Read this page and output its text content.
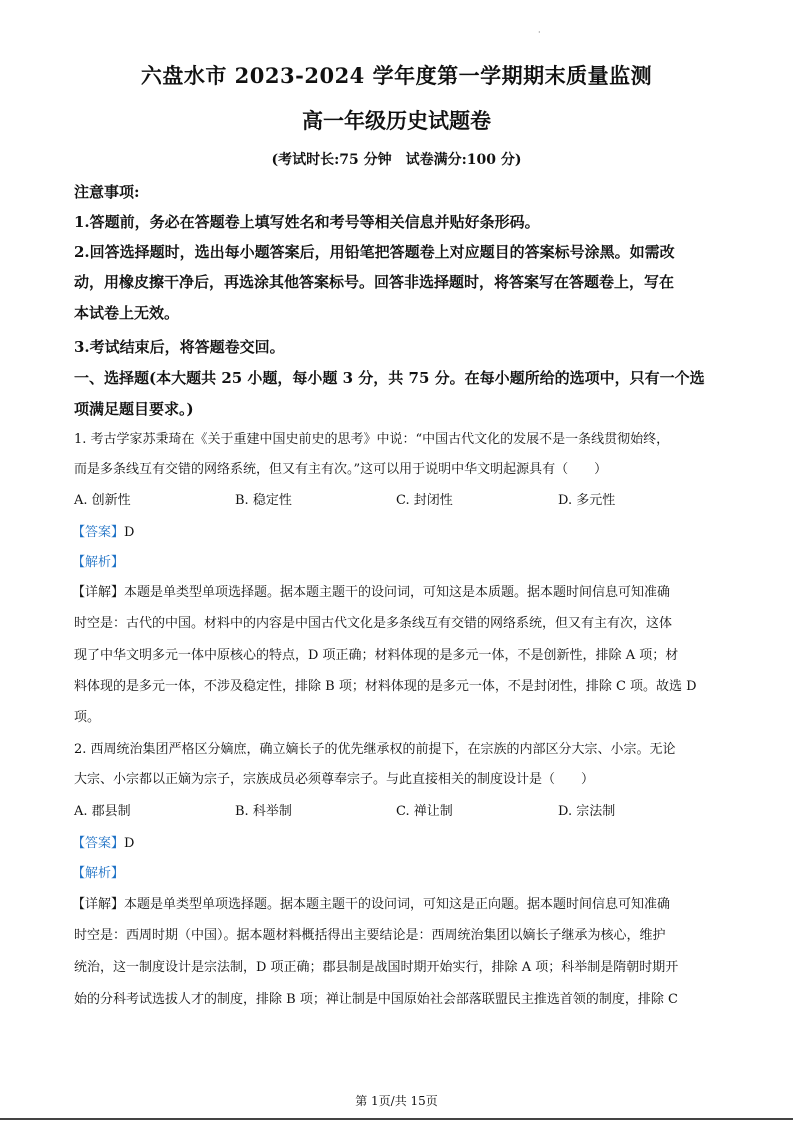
·
六盘水市 2023-2024 学年度第一学期期末质量监测
高一年级历史试题卷
(考试时长:75 分钟　试卷满分:100 分)
注意事项:
1.答题前，务必在答题卷上填写姓名和考号等相关信息并贴好条形码。
2.回答选择题时，选出每小题答案后，用铅笔把答题卷上对应题目的答案标号涂黑。如需改
动，用橡皮擦干净后，再选涂其他答案标号。回答非选择题时，将答案写在答题卷上，写在
本试卷上无效。
3.考试结束后，将答题卷交回。
一、选择题(本大题共 25 小题，每小题 3 分，共 75 分。在每小题所给的选项中，只有一个选
项满足题目要求。)
1. 考古学家苏秉琦在《关于重建中国史前史的思考》中说：“中国古代文化的发展不是一条线贯彻始终，
而是多条线互有交错的网络系统，但又有主有次。”这可以用于说明中华文明起源具有（　　）
A. 创新性	B. 稳定性	C. 封闭性	D. 多元性
【答案】D
【解析】
【详解】本题是单类型单项选择题。据本题主题干的设问词，可知这是本质题。据本题时间信息可知准确
时空是：古代的中国。材料中的内容是中国古代文化是多条线互有交错的网络系统，但又有主有次，这体
现了中华文明多元一体中原核心的特点，D 项正确；材料体现的是多元一体，不是创新性，排除 A 项；材
料体现的是多元一体，不涉及稳定性，排除 B 项；材料体现的是多元一体，不是封闭性，排除 C 项。故选 D
项。
2. 西周统治集团严格区分嫡庶，确立嫡长子的优先继承权的前提下，在宗族的内部区分大宗、小宗。无论
大宗、小宗都以正嫡为宗子，宗族成员必须尊奉宗子。与此直接相关的制度设计是（　　）
A. 郡县制	B. 科举制	C. 禅让制	D. 宗法制
【答案】D
【解析】
【详解】本题是单类型单项选择题。据本题主题干的设问词，可知这是正向题。据本题时间信息可知准确
时空是：西周时期（中国）。据本题材料概括得出主要结论是：西周统治集团以嫡长子继承为核心，维护
统治，这一制度设计是宗法制，D 项正确；郡县制是战国时期开始实行，排除 A 项；科举制是隋朝时期开
始的分科考试选拔人才的制度，排除 B 项；禅让制是中国原始社会部落联盟民主推选首领的制度，排除 C
第 1页/共 15页
